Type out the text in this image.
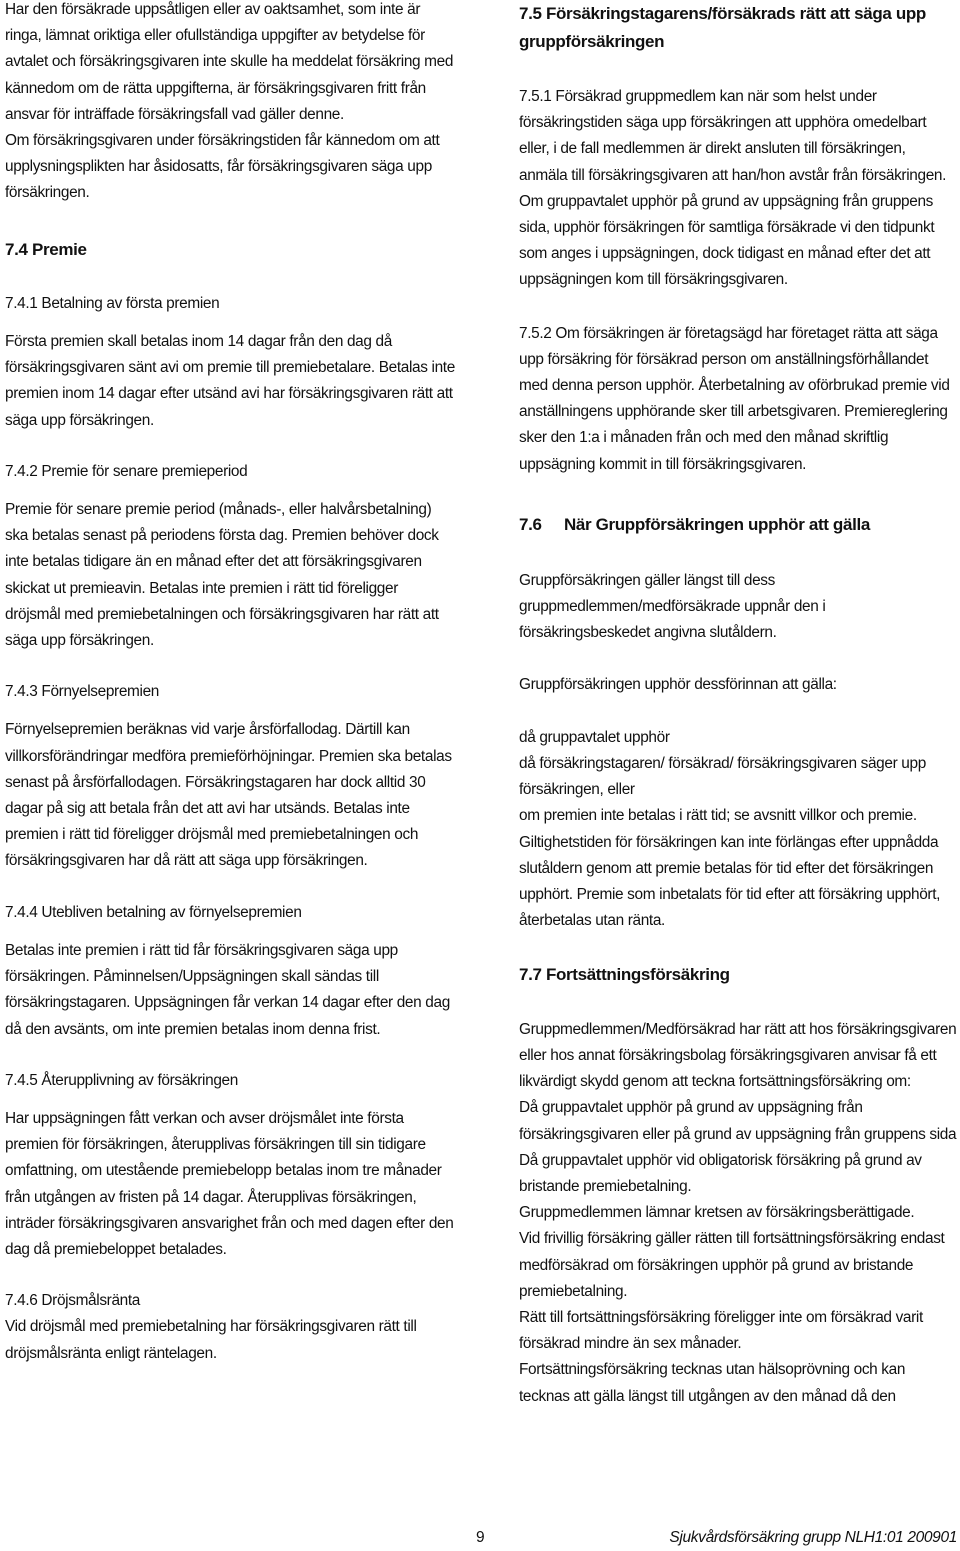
Har den försäkrade uppsåtligen eller av oaktsamhet, som inte är ringa, lämnat oriktiga eller ofullständiga uppgifter av betydelse för avtalet och försäkringsgivaren inte skulle ha meddelat försäkring med kännedom om de rätta uppgifterna, är försäkringsgivaren fritt från ansvar för inträffade försäkringsfall vad gäller denne.

Om försäkringsgivaren under försäkringstiden får kännedom om att upplysningsplikten har åsidosatts, får försäkringsgivaren säga upp försäkringen.

7.4 Premie

7.4.1 Betalning av första premien

Första premien skall betalas inom 14 dagar från den dag då försäkringsgivaren sänt avi om premie till premiebetalare. Betalas inte premien inom 14 dagar efter utsänd avi har försäkringsgivaren rätt att säga upp försäkringen.

7.4.2 Premie för senare premieperiod

Premie för senare premie period (månads-, eller halvårsbetalning) ska betalas senast på periodens första dag. Premien behöver dock inte betalas tidigare än en månad efter det att försäkringsgivaren skickat ut premieavin. Betalas inte premien i rätt tid föreligger dröjsmål med premiebetalningen och försäkringsgivaren har rätt att säga upp försäkringen.

7.4.3 Förnyelsepremien

Förnyelsepremien beräknas vid varje årsförfallodag. Därtill kan villkorsförändringar medföra premieförhöjningar. Premien ska betalas senast på årsförfallodagen. Försäkringstagaren har dock alltid 30 dagar på sig att betala från det att avi har utsänds. Betalas inte premien i rätt tid föreligger dröjsmål med premiebetalningen och försäkringsgivaren har då rätt att säga upp försäkringen.

7.4.4 Utebliven betalning av förnyelsepremien

Betalas inte premien i rätt tid får försäkringsgivaren säga upp försäkringen. Påminnelsen/Uppsägningen skall sändas till försäkringstagaren. Uppsägningen får verkan 14 dagar efter den dag då den avsänts, om inte premien betalas inom denna frist.

7.4.5 Återupplivning av försäkringen

Har uppsägningen fått verkan och avser dröjsmålet inte första premien för försäkringen, återupplivas försäkringen till sin tidigare omfattning, om utestående premiebelopp betalas inom tre månader från utgången av fristen på 14 dagar. Återupplivas försäkringen, inträder försäkringsgivaren ansvarighet från och med dagen efter den dag då premiebeloppet betalades.

7.4.6 Dröjsmålsränta

Vid dröjsmål med premiebetalning har försäkringsgivaren rätt till dröjsmålsränta enligt räntelagen.

7.5 Försäkringstagarens/försäkrads rätt att säga upp gruppförsäkringen

7.5.1 Försäkrad gruppmedlem kan när som helst under försäkringstiden säga upp försäkringen att upphöra omedelbart eller, i de fall medlemmen är direkt ansluten till försäkringen, anmäla till försäkringsgivaren att han/hon avstår från försäkringen. Om gruppavtalet upphör på grund av uppsägning från gruppens sida, upphör försäkringen för samtliga försäkrade vi den tidpunkt som anges i uppsägningen, dock tidigast en månad efter det att uppsägningen kom till försäkringsgivaren.

7.5.2 Om försäkringen är företagsägd har företaget rätta att säga upp försäkring för försäkrad person om anställningsförhållandet med denna person upphör. Återbetalning av oförbrukad premie vid anställningens upphörande sker till arbetsgivaren. Premiereglering sker den 1:a i månaden från och med den månad skriftlig uppsägning kommit in till försäkringsgivaren.

7.6 När Gruppförsäkringen upphör att gälla

Gruppförsäkringen gäller längst till dess gruppmedlemmen/medförsäkrade uppnår den i försäkringsbeskedet angivna slutåldern.

Gruppförsäkringen upphör dessförinnan att gälla:

då gruppavtalet upphör

då försäkringstagaren/ försäkrad/ försäkringsgivaren säger upp försäkringen, eller

om premien inte betalas i rätt tid; se avsnitt villkor och premie.

Giltighetstiden för försäkringen kan inte förlängas efter uppnådda slutåldern genom att premie betalas för tid efter det försäkringen upphört. Premie som inbetalats för tid efter att försäkring upphört, återbetalas utan ränta.

7.7 Fortsättningsförsäkring

Gruppmedlemmen/Medförsäkrad har rätt att hos försäkringsgivaren eller hos annat försäkringsbolag försäkringsgivaren anvisar få ett likvärdigt skydd genom att teckna fortsättningsförsäkring om:

Då gruppavtalet upphör på grund av uppsägning från försäkringsgivaren eller på grund av uppsägning från gruppens sida

Då gruppavtalet upphör vid obligatorisk försäkring på grund av bristande premiebetalning.

Gruppmedlemmen lämnar kretsen av försäkringsberättigade.

Vid frivillig försäkring gäller rätten till fortsättningsförsäkring endast medförsäkrad om försäkringen upphör på grund av bristande premiebetalning.

Rätt till fortsättningsförsäkring föreligger inte om försäkrad varit försäkrad mindre än sex månader.

Fortsättningsförsäkring tecknas utan hälsoprövning och kan tecknas att gälla längst till utgången av den månad då den

9	Sjukvårdsförsäkring grupp NLH1:01 200901
